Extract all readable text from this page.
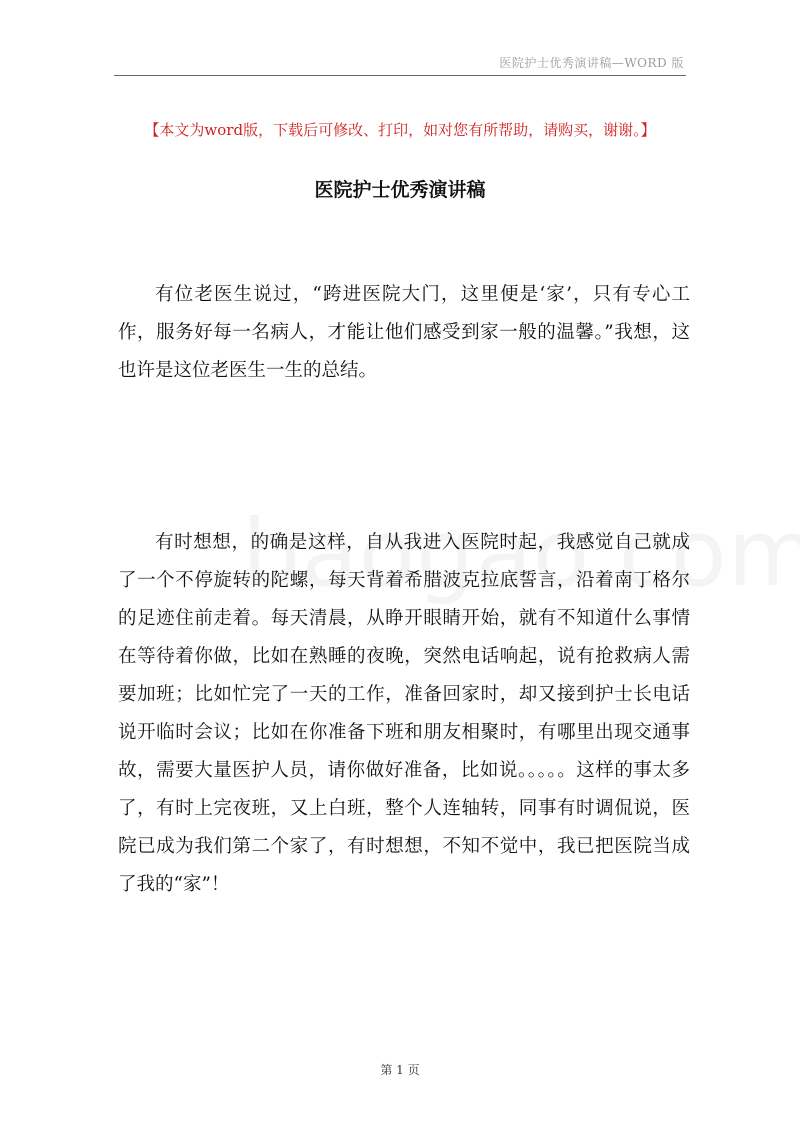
医院护士优秀演讲稿—WORD 版
【本文为word版，下载后可修改、打印，如对您有所帮助，请购买，谢谢。】
医院护士优秀演讲稿

有位老医生说过，“跨进医院大门，这里便是‘家’，只有专心工作，服务好每一名病人，才能让他们感受到家一般的温馨。”我想，这也许是这位老医生一生的总结。

有时想想，的确是这样，自从我进入医院时起，我感觉自己就成了一个不停旋转的陀螺，每天背着希腊波克拉底誓言，沿着南丁格尔的足迹住前走着。每天清晨，从睁开眼睛开始，就有不知道什么事情在等待着你做，比如在熟睡的夜晚，突然电话响起，说有抢救病人需要加班；比如忙完了一天的工作，准备回家时，却又接到护士长电话说开临时会议；比如在你准备下班和朋友相聚时，有哪里出现交通事故，需要大量医护人员，请你做好准备，比如说。。。。。这样的事太多了，有时上完夜班，又上白班，整个人连轴转，同事有时调侃说，医院已成为我们第二个家了，有时想想，不知不觉中，我已把医院当成了我的“家”！

第 1 页
